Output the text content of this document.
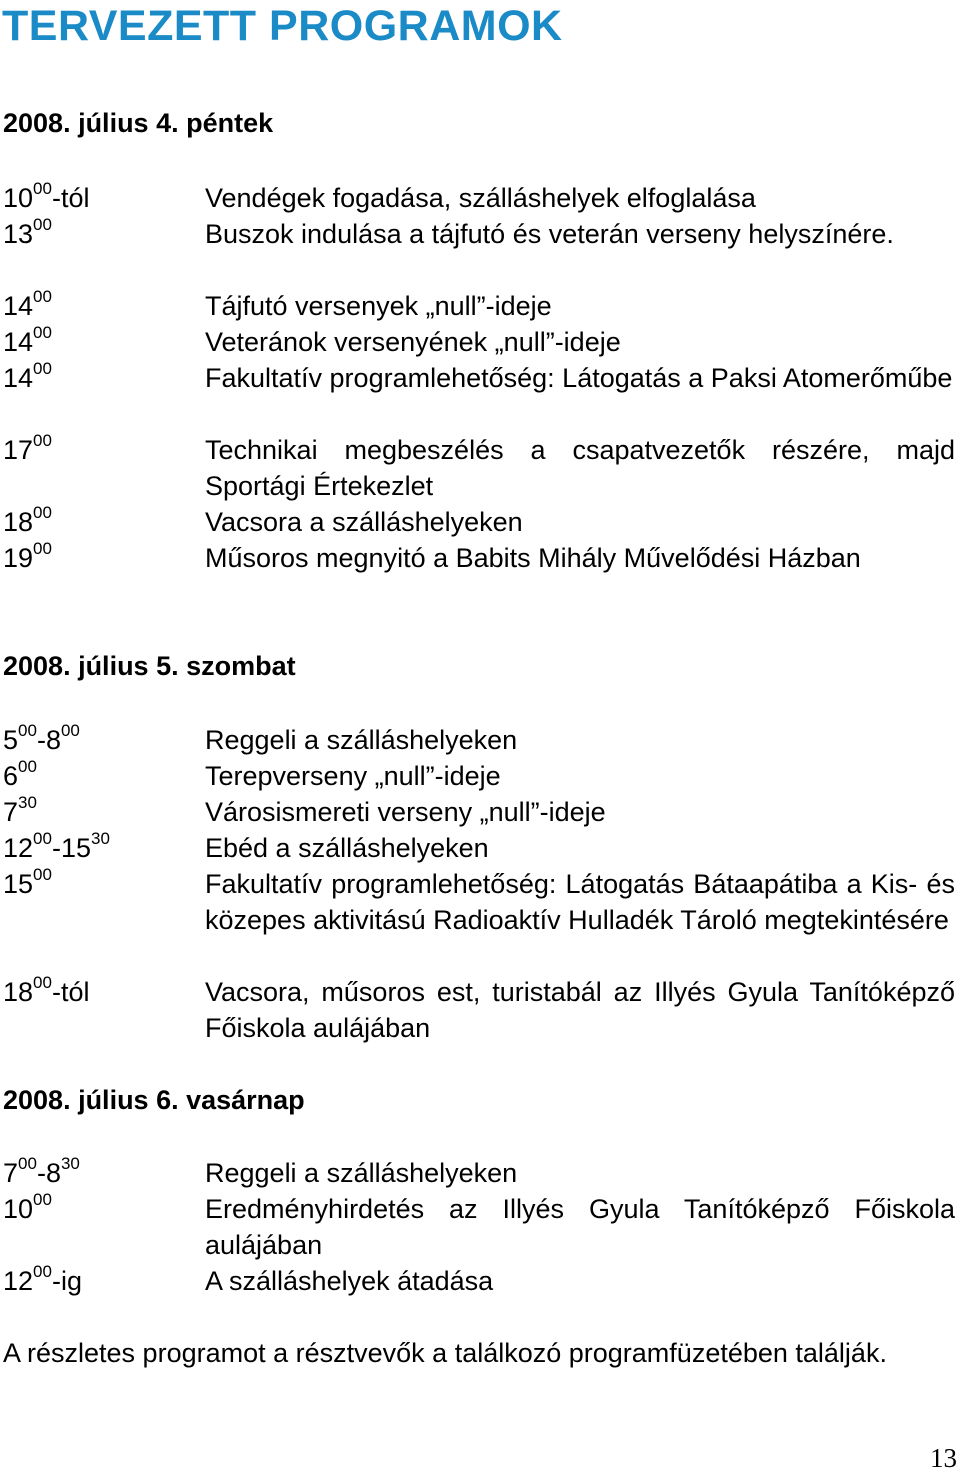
TERVEZETT PROGRAMOK
2008. július 4. péntek
$10^{00}$-tól	Vendégek fogadása, szálláshelyek elfoglalása
$13^{00}$	Buszok indulása a tájfutó és veterán verseny helyszínére.
$14^{00}$	Tájfutó versenyek „null”-ideje
$14^{00}$	Veteránok versenyének „null”-ideje
$14^{00}$	Fakultatív programlehetőség: Látogatás a Paksi Atomerőműbe
$17^{00}$	Technikai megbeszélés a csapatvezetők részére, majd Sportági Értekezlet
$18^{00}$	Vacsora a szálláshelyeken
$19^{00}$	Műsoros megnyitó a Babits Mihály Művelődési Házban
2008. július 5. szombat
$5^{00}-8^{00}$	Reggeli a szálláshelyeken
$6^{00}$	Terepverseny „null”-ideje
$7^{30}$	Városismereti verseny „null”-ideje
$12^{00}-15^{30}$	Ebéd a szálláshelyeken
$15^{00}$	Fakultatív programlehetőség: Látogatás Bátaapátiba a Kis- és közepes aktivitású Radioaktív Hulladék Tároló megtekintésére
$18^{00}$-tól	Vacsora, műsoros est, turistabál az Illyés Gyula Tanítóképző Főiskola aulájában
2008. július 6. vasárnap
$7^{00}-8^{30}$	Reggeli a szálláshelyeken
$10^{00}$	Eredményhirdetés az Illyés Gyula Tanítóképző Főiskola aulájában
$12^{00}-ig$	A szálláshelyek átadása
A részletes programot a résztvevők a találkozó programfüzetében találják.
13
